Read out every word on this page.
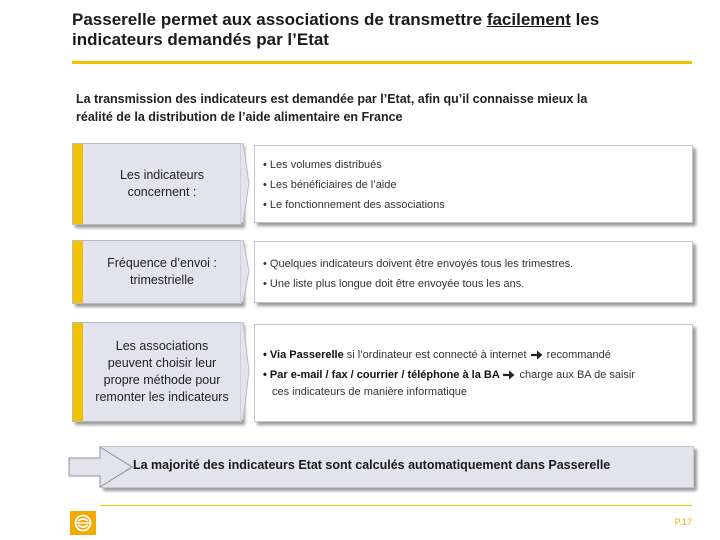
Passerelle permet aux associations de transmettre facilement les
indicateurs demandés par l’Etat
La transmission des indicateurs est demandée par l’Etat, afin qu’il connaisse mieux la
réalité de la distribution de l’aide alimentaire en France
Les indicateurs
concernent :
• Les volumes distribués
• Les bénéficiaires de l’aide
• Le fonctionnement des associations
Fréquence d’envoi :
trimestrielle
• Quelques indicateurs doivent être envoyés tous les trimestres.
• Une liste plus longue doit être envoyée tous les ans.
Les associations
peuvent choisir leur
propre méthode pour
remonter les indicateurs
• Via Passerelle si l’ordinateur est connecté à internet  recommandé
• Par e-mail / fax / courrier / téléphone à la BA  charge aux BA de saisir
ces indicateurs de manière informatique
La majorité des indicateurs Etat sont calculés automatiquement dans Passerelle
P.17
